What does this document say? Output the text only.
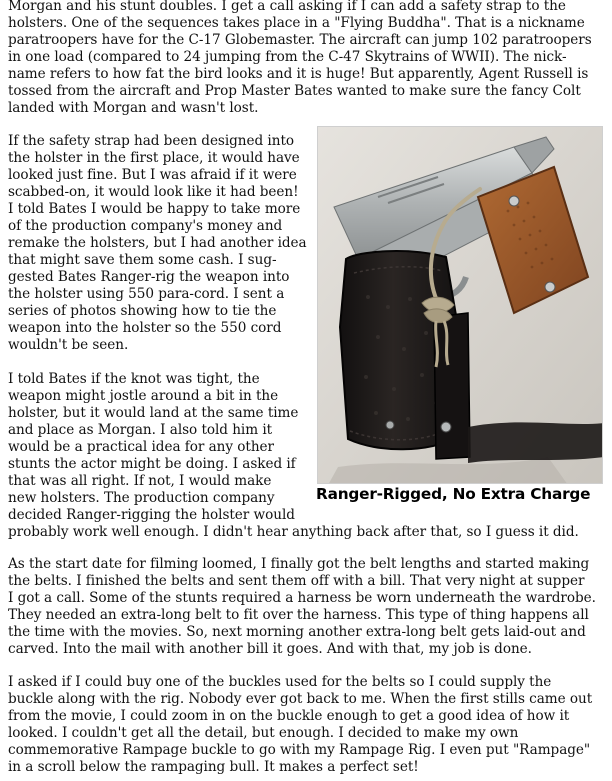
Morgan and his stunt doubles. I get a call asking if I can add a safety strap to the

holsters. One of the sequences takes place in a "Flying Buddha". That is a nickname

paratroopers have for the C-17 Globemaster. The aircraft can jump 102 paratroopers

in one load (compared to 24 jumping from the C-47 Skytrains of WWII). The nick-

name refers to how fat the bird looks and it is huge! But apparently, Agent Russell is

tossed from the aircraft and Prop Master Bates wanted to make sure the fancy Colt

landed with Morgan and wasn't lost.

If the safety strap had been designed into

the holster in the first place, it would have

looked just fine. But I was afraid if it were

scabbed-on, it would look like it had been!

I told Bates I would be happy to take more

of the production company's money and

remake the holsters, but I had another idea

that might save them some cash. I sug-

gested Bates Ranger-rig the weapon into

the holster using 550 para-cord. I sent a

series of photos showing how to tie the

weapon into the holster so the 550 cord

wouldn't be seen.

I told Bates if the knot was tight, the

weapon might jostle around a bit in the

holster, but it would land at the same time

and place as Morgan. I also told him it

would be a practical idea for any other

stunts the actor might be doing. I asked if

that was all right. If not, I would make

new holsters. The production company

decided Ranger-rigging the holster would

probably work well enough. I didn't hear anything back after that, so I guess it did.

As the start date for filming loomed, I finally got the belt lengths and started making

the belts. I finished the belts and sent them off with a bill. That very night at supper

I got a call. Some of the stunts required a harness be worn underneath the wardrobe.

They needed an extra-long belt to fit over the harness. This type of thing happens all

the time with the movies. So, next morning another extra-long belt gets laid-out and

carved. Into the mail with another bill it goes. And with that, my job is done.

I asked if I could buy one of the buckles used for the belts so I could supply the

buckle along with the rig. Nobody ever got back to me. When the first stills came out

from the movie, I could zoom in on the buckle enough to get a good idea of how it

looked. I couldn't get all the detail, but enough. I decided to make my own

commemorative Rampage buckle to go with my Rampage Rig. I even put "Rampage"

in a scroll below the rampaging bull. It makes a perfect set!

Ranger-Rigged, No Extra Charge
